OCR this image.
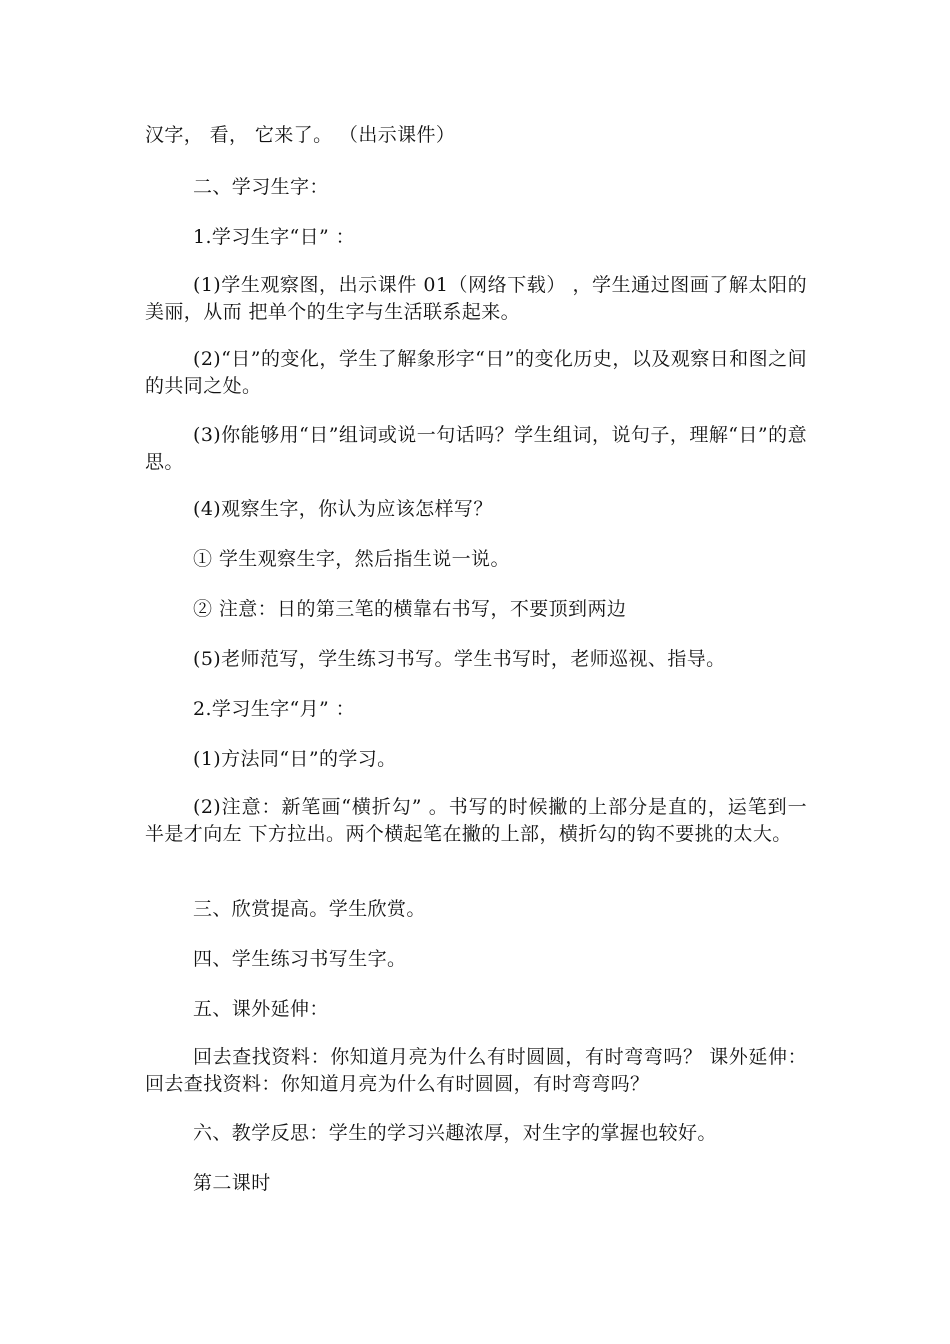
汉字， 看， 它来了。 （出示课件）

二、学习生字：

1.学习生字“日” ：

(1)学生观察图，出示课件 01（网络下载） ，学生通过图画了解太阳的美丽，从而 把单个的生字与生活联系起来。

(2)“日”的变化，学生了解象形字“日”的变化历史，以及观察日和图之间的共同之处。

(3)你能够用“日”组词或说一句话吗？学生组词，说句子，理解“日”的意思。

(4)观察生字，你认为应该怎样写？

① 学生观察生字，然后指生说一说。

② 注意：日的第三笔的横靠右书写，不要顶到两边

(5)老师范写，学生练习书写。学生书写时，老师巡视、指导。

2.学习生字“月” ：

(1)方法同“日”的学习。

(2)注意：新笔画“横折勾” 。书写的时候撇的上部分是直的，运笔到一半是才向左 下方拉出。两个横起笔在撇的上部，横折勾的钩不要挑的太大。

三、欣赏提高。学生欣赏。

四、学生练习书写生字。

五、课外延伸：

回去查找资料：你知道月亮为什么有时圆圆，有时弯弯吗？ 课外延伸：回去查找资料：你知道月亮为什么有时圆圆，有时弯弯吗？

六、教学反思：学生的学习兴趣浓厚，对生字的掌握也较好。

第二课时
